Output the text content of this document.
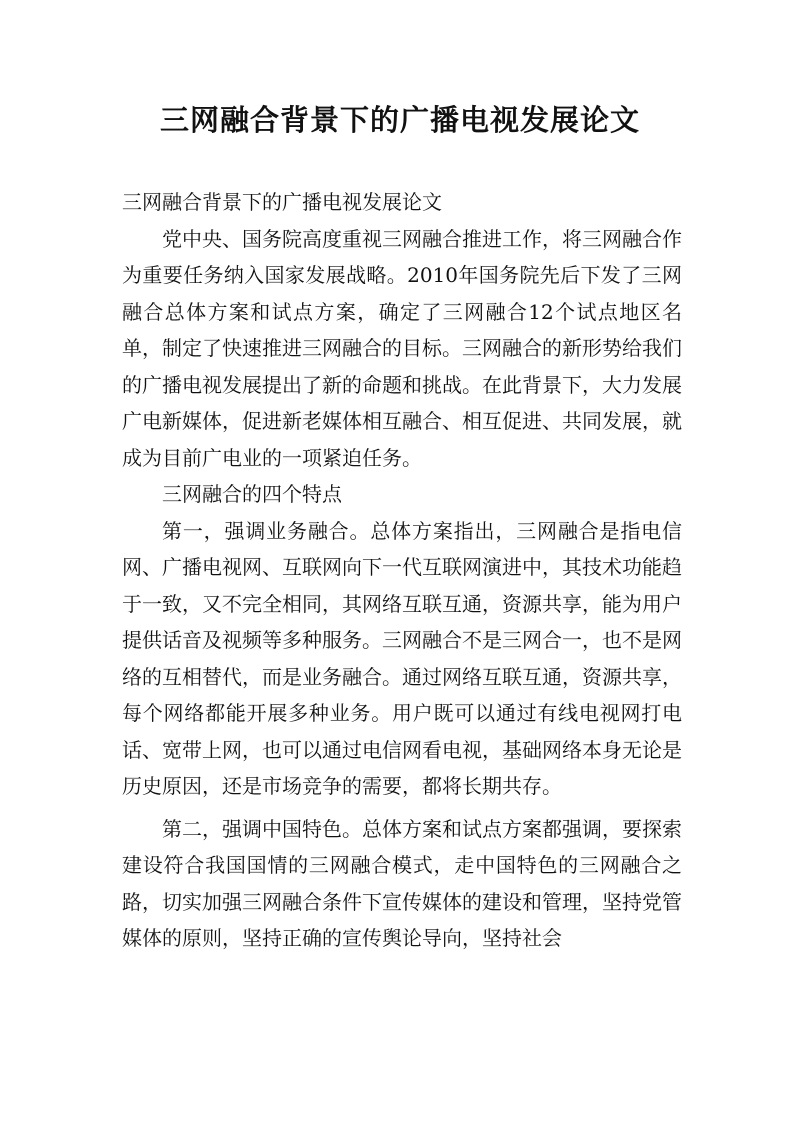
三网融合背景下的广播电视发展论文

三网融合背景下的广播电视发展论文

党中央、国务院高度重视三网融合推进工作，将三网融合作为重要任务纳入国家发展战略。2010年国务院先后下发了三网融合总体方案和试点方案，确定了三网融合12个试点地区名单，制定了快速推进三网融合的目标。三网融合的新形势给我们的广播电视发展提出了新的命题和挑战。在此背景下，大力发展广电新媒体，促进新老媒体相互融合、相互促进、共同发展，就成为目前广电业的一项紧迫任务。

三网融合的四个特点

第一，强调业务融合。总体方案指出，三网融合是指电信网、广播电视网、互联网向下一代互联网演进中，其技术功能趋于一致，又不完全相同，其网络互联互通，资源共享，能为用户提供话音及视频等多种服务。三网融合不是三网合一，也不是网络的互相替代，而是业务融合。通过网络互联互通，资源共享，每个网络都能开展多种业务。用户既可以通过有线电视网打电话、宽带上网，也可以通过电信网看电视，基础网络本身无论是历史原因，还是市场竞争的需要，都将长期共存。

第二，强调中国特色。总体方案和试点方案都强调，要探索建设符合我国国情的三网融合模式，走中国特色的三网融合之路，切实加强三网融合条件下宣传媒体的建设和管理，坚持党管媒体的原则，坚持正确的宣传舆论导向，坚持社会
